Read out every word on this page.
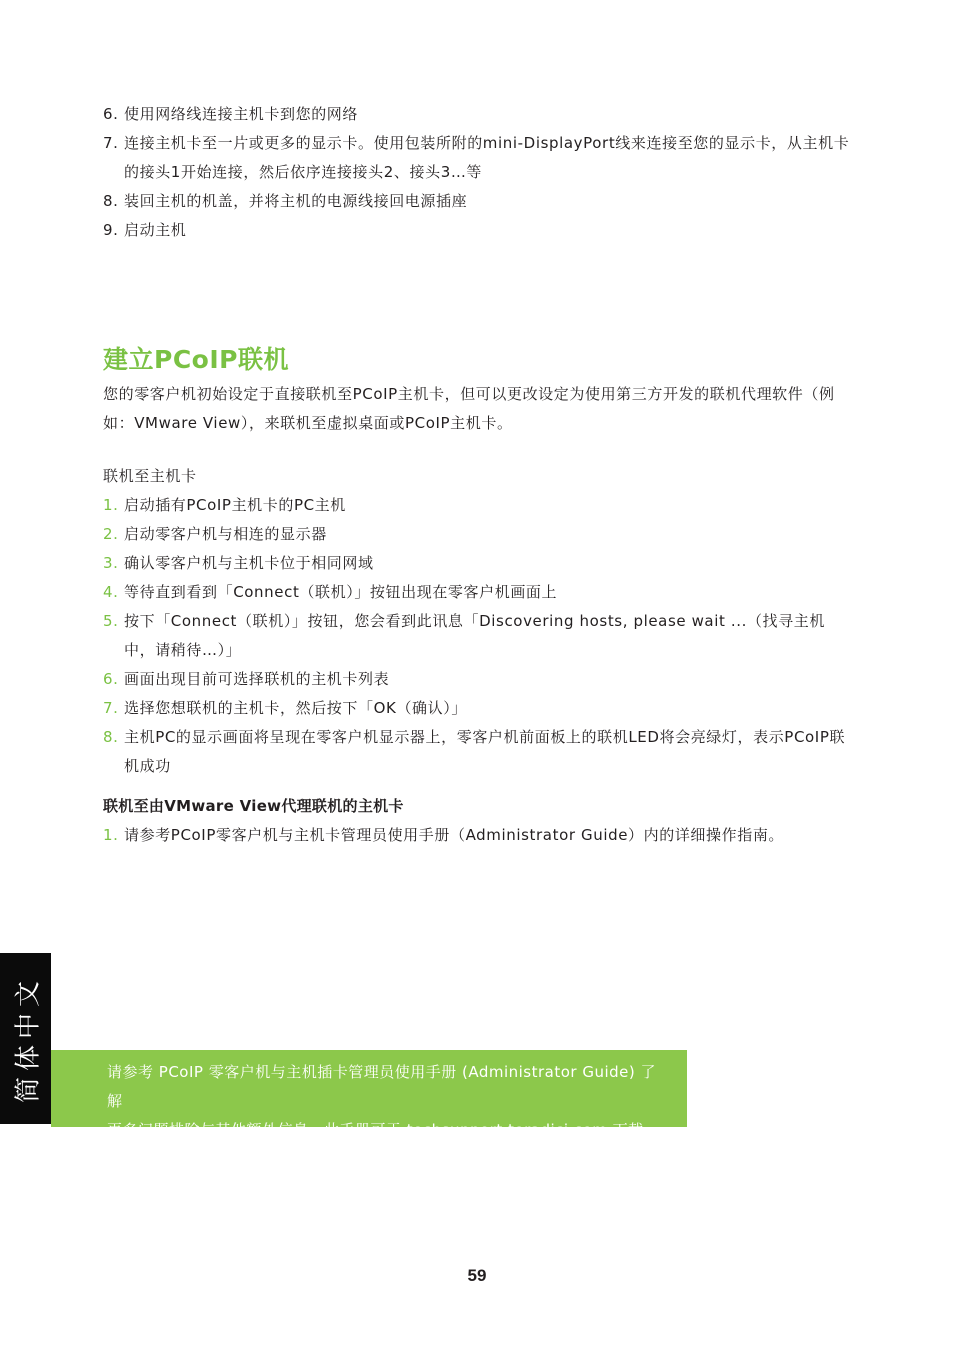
6. 使用网络线连接主机卡到您的网络
7. 连接主机卡至一片或更多的显示卡。使用包装所附的mini-DisplayPort线来连接至您的显示卡，从主机卡的接头1开始连接，然后依序连接接头2、接头3…等
8. 装回主机的机盖，并将主机的电源线接回电源插座
9. 启动主机
建立PCoIP联机

您的零客户机初始设定于直接联机至PCoIP主机卡，但可以更改设定为使用第三方开发的联机代理软件（例如：VMware View），来联机至虚拟桌面或PCoIP主机卡。

联机至主机卡

1. 启动插有PCoIP主机卡的PC主机
2. 启动零客户机与相连的显示器
3. 确认零客户机与主机卡位于相同网域
4. 等待直到看到「Connect（联机）」按钮出现在零客户机画面上
5. 按下「Connect（联机）」按钮，您会看到此讯息「Discovering hosts, please wait ...（找寻主机中，请稍待…）」
6. 画面出现目前可选择联机的主机卡列表
7. 选择您想联机的主机卡，然后按下「OK（确认）」
8. 主机PC的显示画面将呈现在零客户机显示器上，零客户机前面板上的联机LED将会亮绿灯，表示PCoIP联机成功

联机至由VMware View代理联机的主机卡

1. 请参考PCoIP零客户机与主机卡管理员使用手册（Administrator Guide）内的详细操作指南。
简体中文	请参考 PCoIP 零客户机与主机插卡管理员使用手册 (Administrator Guide) 了解

更多问题排除与其他额外信息，此手册可于 techsupport.teradici.com 下载

59
